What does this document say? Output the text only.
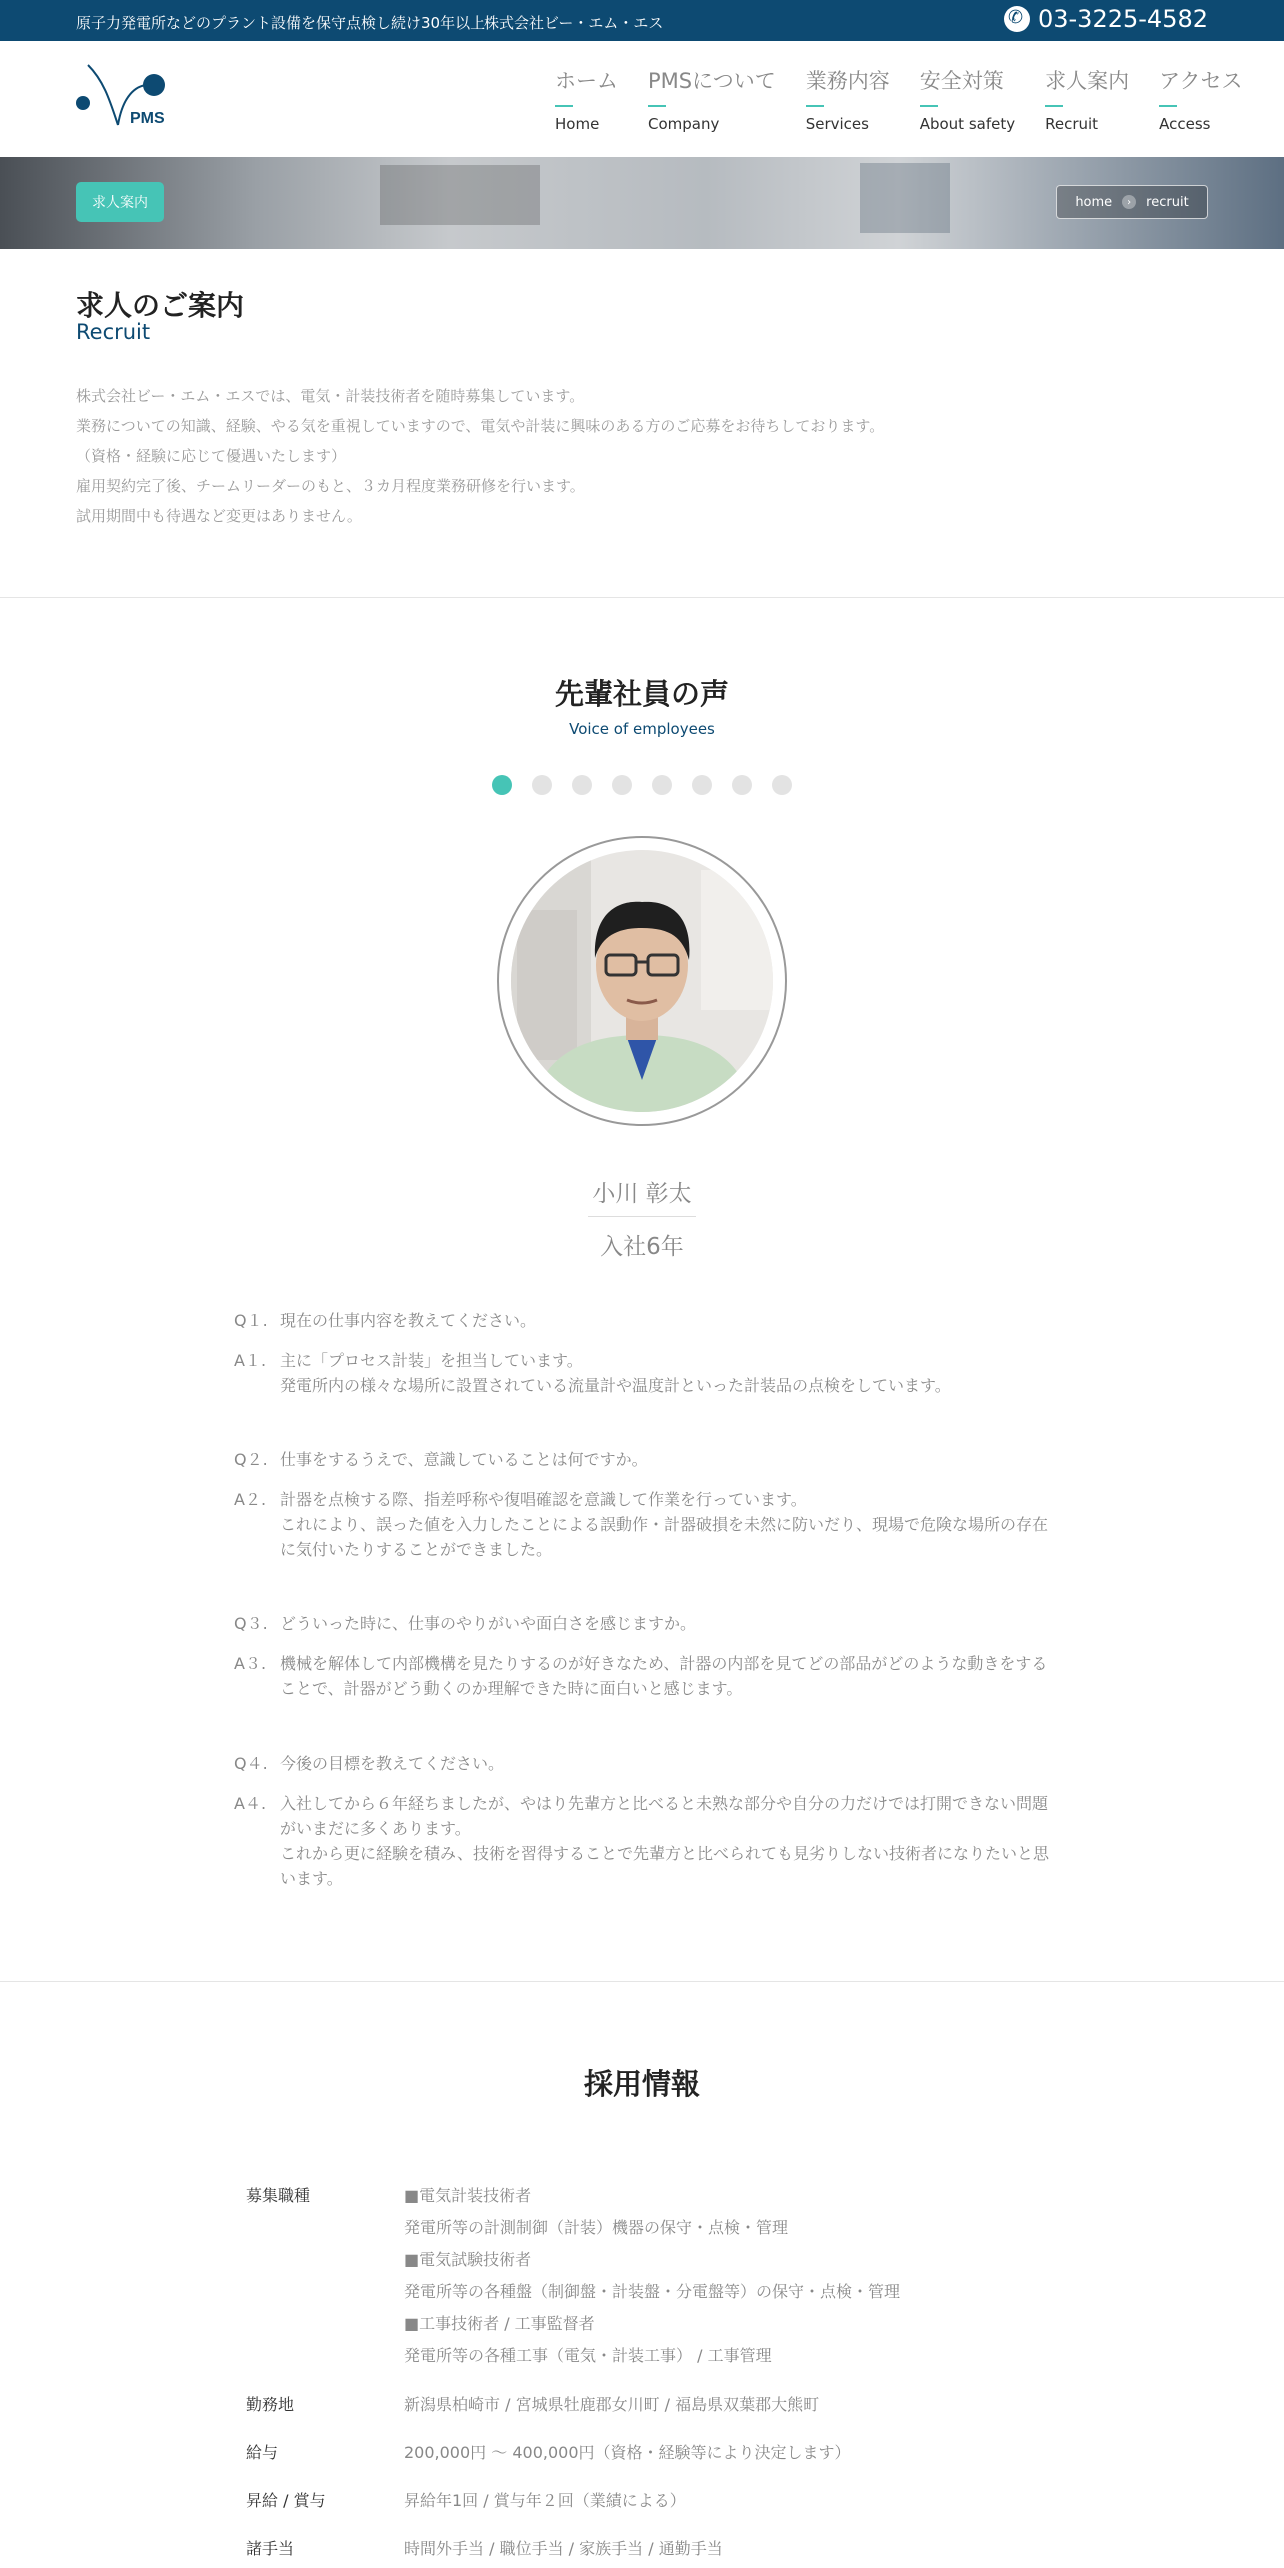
原子力発電所などのプラント設備を保守点検し続け30年以上
株式会社ビー・エム・エス
✆	03-3225-4582
PMS
ホーム
Home
PMSについて
Company
業務内容
Services
安全対策
About safety
求人案内
Recruit
アクセス
Access
求人案内	home	›	recruit
求人のご案内
Recruit
株式会社ビー・エム・エスでは、電気・計装技術者を随時募集しています。
業務についての知識、経験、やる気を重視していますので、電気や計装に興味のある方のご応募をお待ちしております。
（資格・経験に応じて優遇いたします）
雇用契約完了後、チームリーダーのもと、３カ月程度業務研修を行います。
試用期間中も待遇など変更はありません。
先輩社員の声
Voice of employees
小川 彰太
入社6年
Q１. 現在の仕事内容を教えてください。
A１. 主に「プロセス計装」を担当しています。
発電所内の様々な場所に設置されている流量計や温度計といった計装品の点検をしています。
Q２. 仕事をするうえで、意識していることは何ですか。
A２. 計器を点検する際、指差呼称や復唱確認を意識して作業を行っています。
これにより、誤った値を入力したことによる誤動作・計器破損を未然に防いだり、現場で危険な場所の存在に気付いたりすることができました。
Q３. どういった時に、仕事のやりがいや面白さを感じますか。
A３. 機械を解体して内部機構を見たりするのが好きなため、計器の内部を見てどの部品がどのような動きをすることで、計器がどう動くのか理解できた時に面白いと感じます。
Q４. 今後の目標を教えてください。
A４. 入社してから６年経ちましたが、やはり先輩方と比べると未熟な部分や自分の力だけでは打開できない問題がいまだに多くあります。
これから更に経験を積み、技術を習得することで先輩方と比べられても見劣りしない技術者になりたいと思います。
採用情報
募集職種	■電気計装技術者
発電所等の計測制御（計装）機器の保守・点検・管理
■電気試験技術者
発電所等の各種盤（制御盤・計装盤・分電盤等）の保守・点検・管理
■工事技術者 / 工事監督者
発電所等の各種工事（電気・計装工事） / 工事管理
勤務地	新潟県柏崎市 / 宮城県牡鹿郡女川町 / 福島県双葉郡大熊町
給与	200,000円 〜 400,000円（資格・経験等により決定します）
昇給 / 賞与	昇給年1回 / 賞与年２回（業績による）
諸手当	時間外手当 / 職位手当 / 家族手当 / 通勤手当
